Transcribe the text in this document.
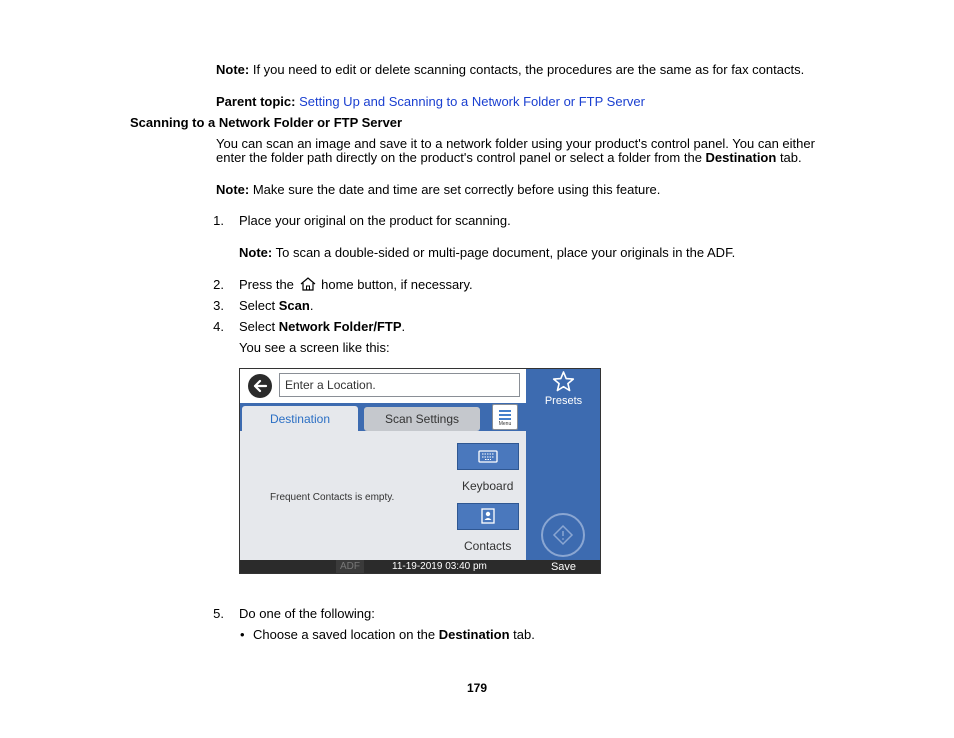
Note: If you need to edit or delete scanning contacts, the procedures are the same as for fax contacts.
Parent topic: Setting Up and Scanning to a Network Folder or FTP Server
Scanning to a Network Folder or FTP Server
You can scan an image and save it to a network folder using your product's control panel. You can either
enter the folder path directly on the product's control panel or select a folder from the Destination tab.
Note: Make sure the date and time are set correctly before using this feature.
1. Place your original on the product for scanning.
Note: To scan a double-sided or multi-page document, place your originals in the ADF.
2. Press the  home button, if necessary.
3. Select Scan.
4. Select Network Folder/FTP.
You see a screen like this:
Enter a Location.
Destination	Scan Settings	Menu
Frequent Contacts is empty.
Keyboard
Contacts
ADF	11-19-2019 03:40 pm
Presets
Save
5. Do one of the following:
• Choose a saved location on the Destination tab.
179
